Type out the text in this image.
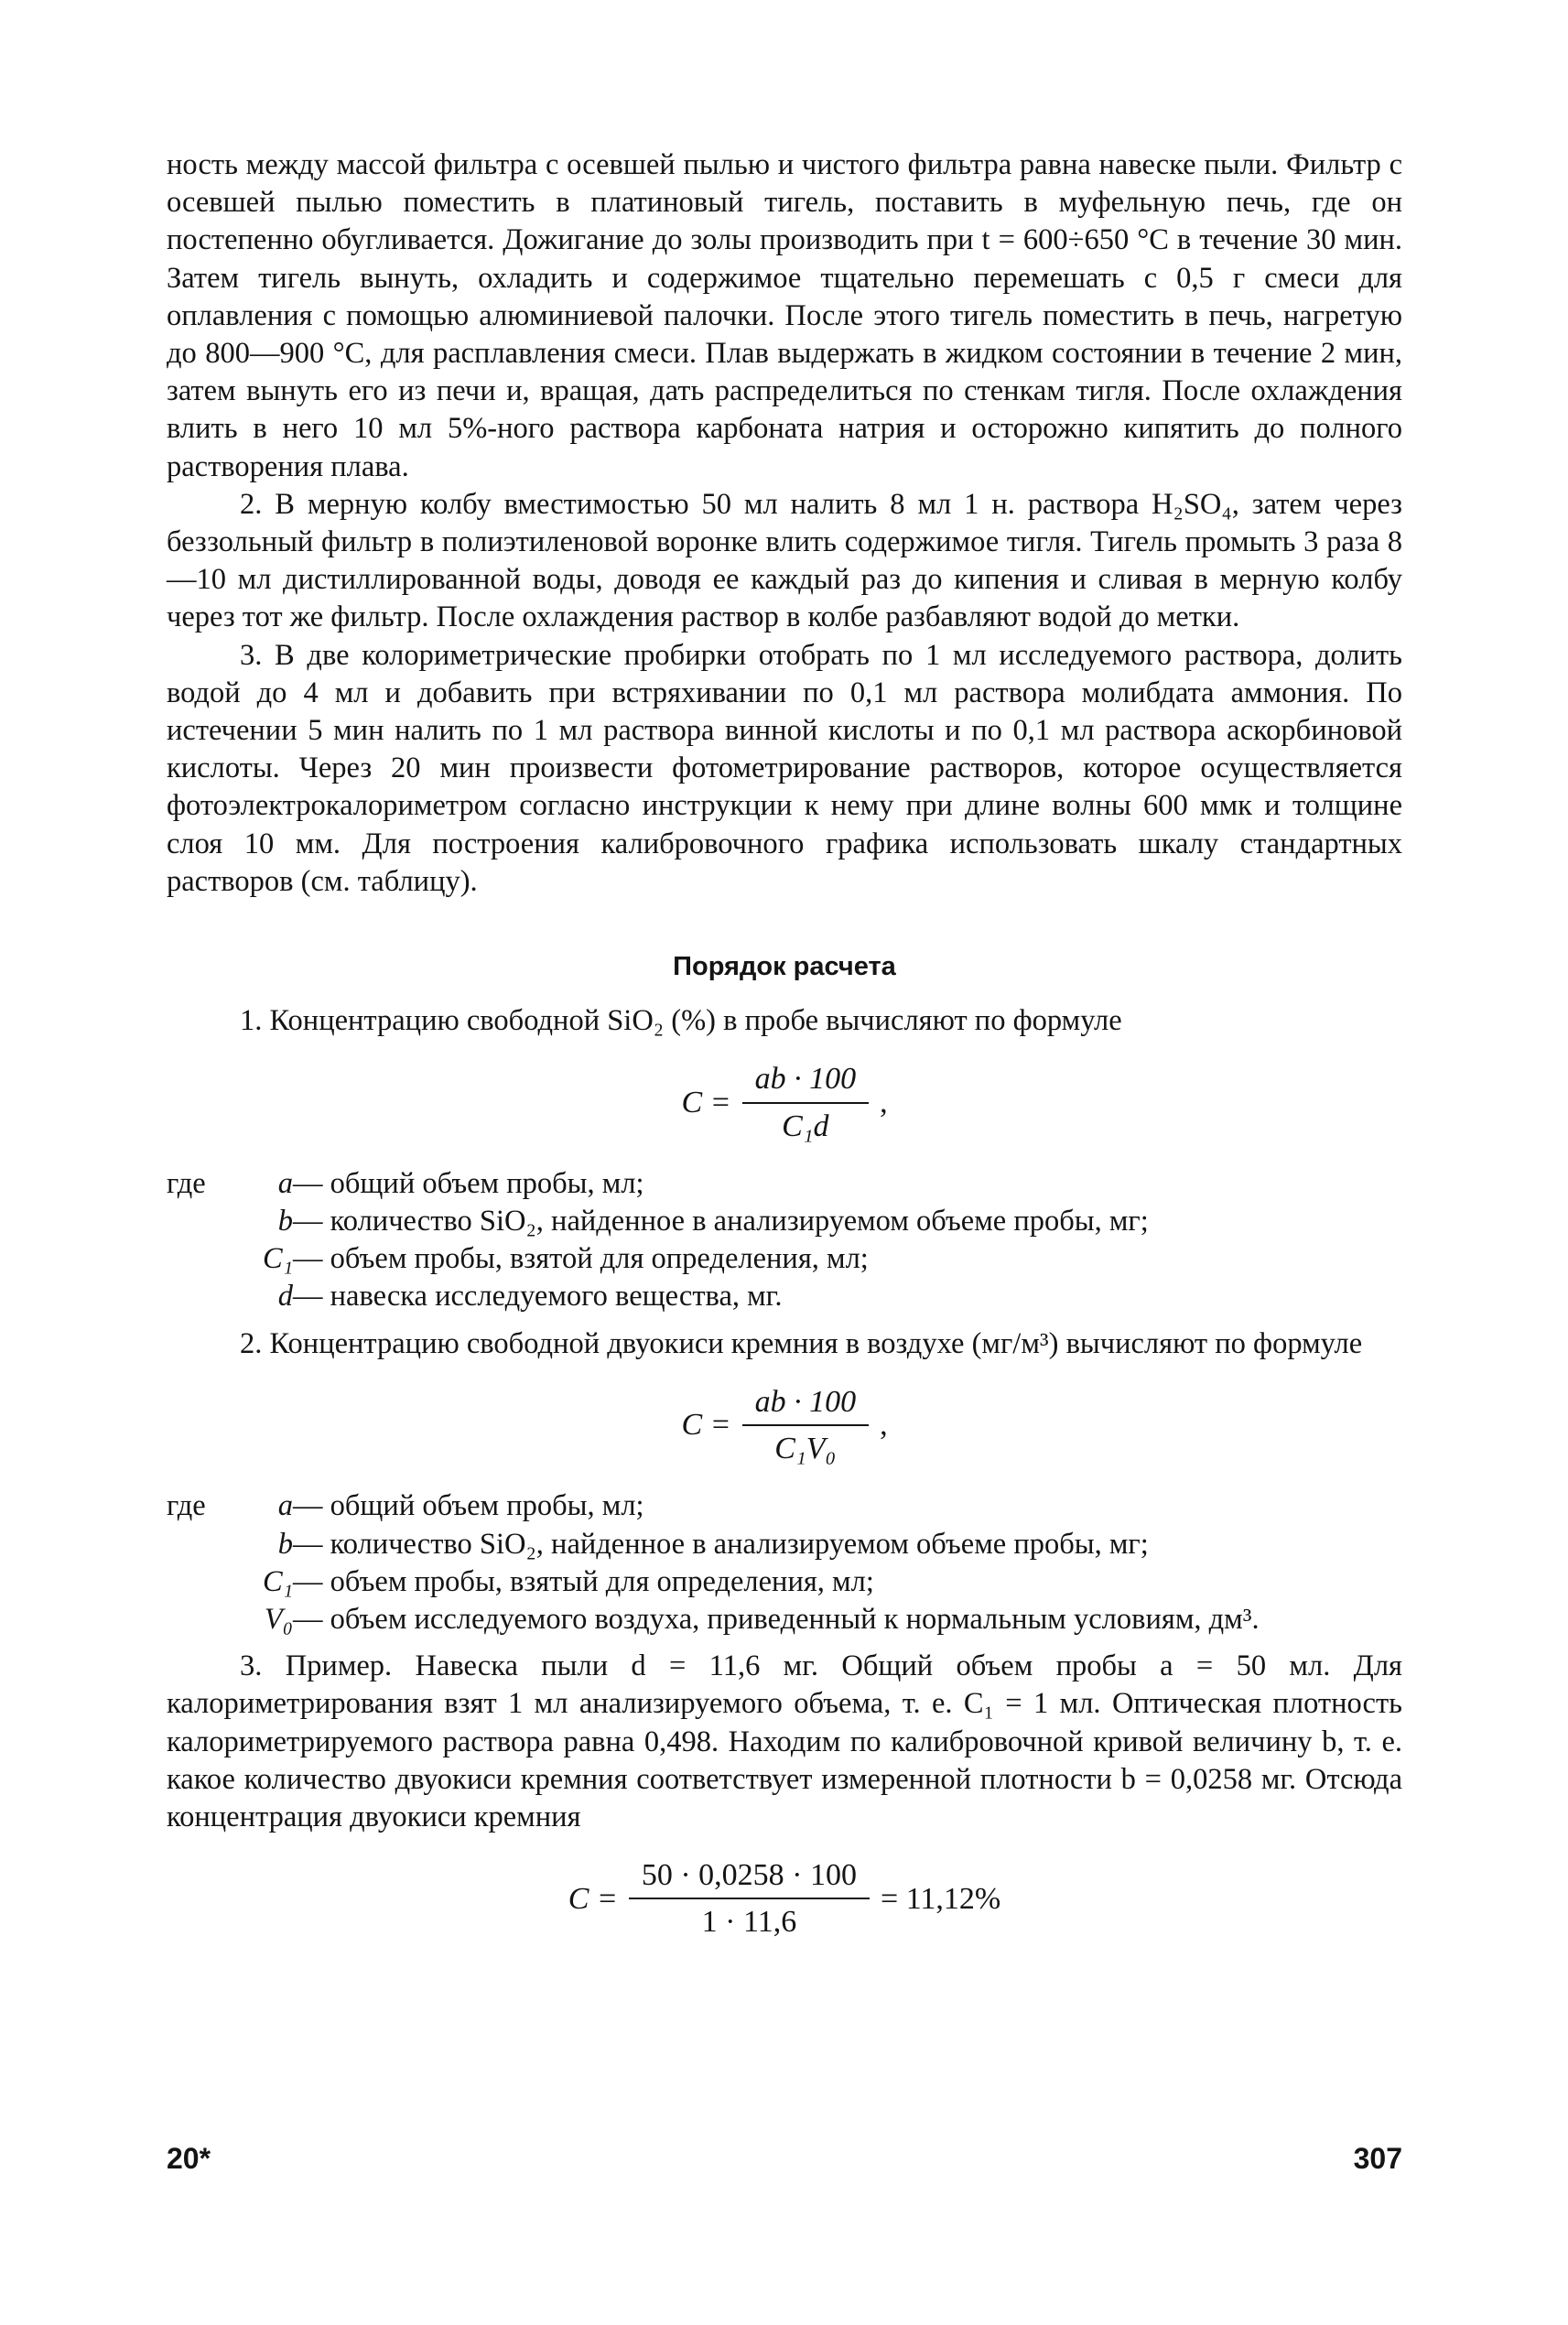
ность между массой фильтра с осевшей пылью и чистого фильтра равна навеске пыли. Фильтр с осевшей пылью поместить в платиновый тигель, поставить в муфельную печь, где он постепенно обугливается. Дожигание до золы производить при t = 600÷650 °C в течение 30 мин. Затем тигель вынуть, охладить и содержимое тщательно перемешать с 0,5 г смеси для оплавления с помощью алюминиевой палочки. После этого тигель поместить в печь, нагретую до 800—900 °C, для расплавления смеси. Плав выдержать в жидком состоянии в течение 2 мин, затем вынуть его из печи и, вращая, дать распределиться по стенкам тигля. После охлаждения влить в него 10 мл 5%-ного раствора карбоната натрия и осторожно кипятить до полного растворения плава.

2. В мерную колбу вместимостью 50 мл налить 8 мл 1 н. раствора H₂SO₄, затем через беззольный фильтр в полиэтиленовой воронке влить содержимое тигля. Тигель промыть 3 раза 8—10 мл дистиллированной воды, доводя ее каждый раз до кипения и сливая в мерную колбу через тот же фильтр. После охлаждения раствор в колбе разбавляют водой до метки.

3. В две колориметрические пробирки отобрать по 1 мл исследуемого раствора, долить водой до 4 мл и добавить при встряхивании по 0,1 мл раствора молибдата аммония. По истечении 5 мин налить по 1 мл раствора винной кислоты и по 0,1 мл раствора аскорбиновой кислоты. Через 20 мин произвести фотометрирование растворов, которое осуществляется фотоэлектрокалориметром согласно инструкции к нему при длине волны 600 ммк и толщине слоя 10 мм. Для построения калибровочного графика использовать шкалу стандартных растворов (см. таблицу).

Порядок расчета

1. Концентрацию свободной SiO₂ (%) в пробе вычисляют по формуле

$C = \frac{ab \cdot 100}{\text{C₁d}}$ ,
где	a — общий объем пробы, мл;
b — количество SiO₂, найденное в анализируемом объеме пробы, мг;
C₁ — объем пробы, взятой для определения, мл;
d — навеска исследуемого вещества, мг.

2. Концентрацию свободной двуокиси кремния в воздухе (мг/м³) вычисляют по формуле

$C = \frac{ab \cdot 100}{\text{C₁V₀}}$ ,
где	a — общий объем пробы, мл;
b — количество SiO₂, найденное в анализируемом объеме пробы, мг;
C₁ — объем пробы, взятый для определения, мл;
V₀ — объем исследуемого воздуха, приведенный к нормальным условиям, дм³.

3. Пример. Навеска пыли d = 11,6 мг. Общий объем пробы a = 50 мл. Для калориметрирования взят 1 мл анализируемого объема, т. е. C₁ = 1 мл. Оптическая плотность калориметрируемого раствора равна 0,498. Находим по калибровочной кривой величину b, т. е. какое количество двуокиси кремния соответствует измеренной плотности b = 0,0258 мг. Отсюда концентрация двуокиси кремния

$C = \frac{50 \cdot 0,0258 \cdot 100}{1 \cdot 11,6} = 11,12\%$
20*	307
